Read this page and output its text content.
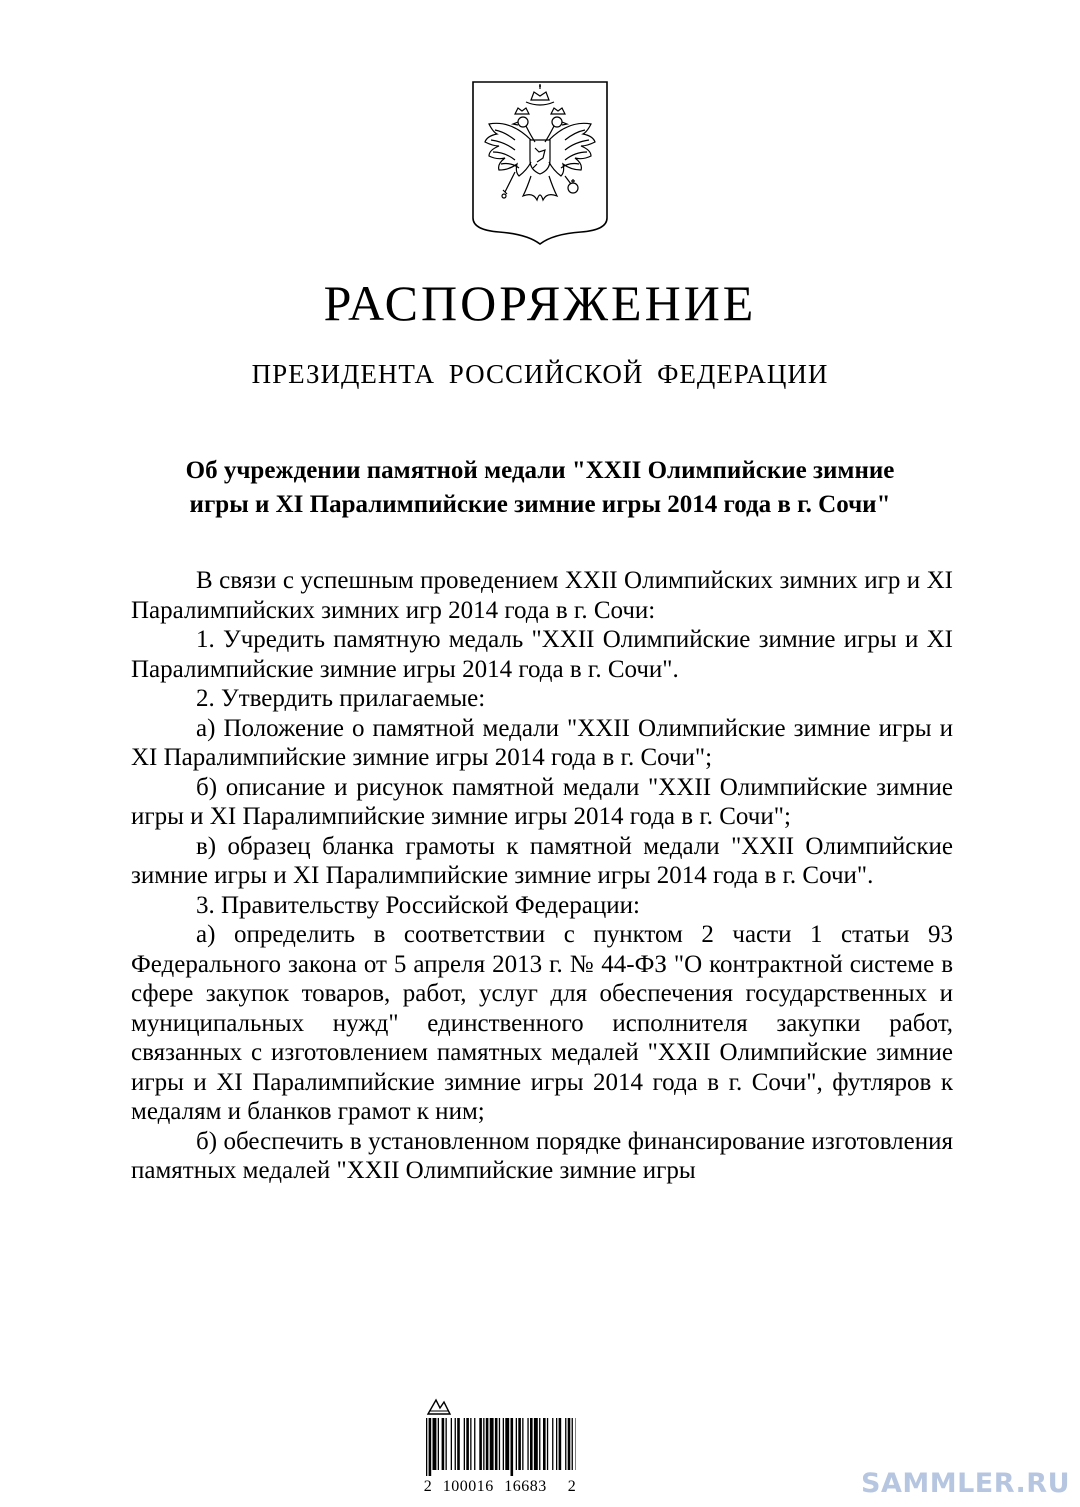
РАСПОРЯЖЕНИЕ
ПРЕЗИДЕНТА РОССИЙСКОЙ ФЕДЕРАЦИИ
Об учреждении памятной медали "XXII Олимпийские зимние
игры и XI Паралимпийские зимние игры 2014 года в г. Сочи"

В связи с успешным проведением XXII Олимпийских зимних игр и XI Паралимпийских зимних игр 2014 года в г. Сочи:

1. Учредить памятную медаль "XXII Олимпийские зимние игры и XI Паралимпийские зимние игры 2014 года в г. Сочи".

2. Утвердить прилагаемые:

а) Положение о памятной медали "XXII Олимпийские зимние игры и XI Паралимпийские зимние игры 2014 года в г. Сочи";

б) описание и рисунок памятной медали "XXII Олимпийские зимние игры и XI Паралимпийские зимние игры 2014 года в г. Сочи";

в) образец бланка грамоты к памятной медали "XXII Олимпийские зимние игры и XI Паралимпийские зимние игры 2014 года в г. Сочи".

3. Правительству Российской Федерации:

а) определить в соответствии с пунктом 2 части 1 статьи 93 Федерального закона от 5 апреля 2013 г. № 44-ФЗ "О контрактной системе в сфере закупок товаров, работ, услуг для обеспечения государственных и муниципальных нужд" единственного исполнителя закупки работ, связанных с изготовлением памятных медалей "XXII Олимпийские зимние игры и XI Паралимпийские зимние игры 2014 года в г. Сочи", футляров к медалям и бланков грамот к ним;

б) обеспечить в установленном порядке финансирование изготовления памятных медалей "XXII Олимпийские зимние игры

2 100016 16683  2	SAMMLER.RU
